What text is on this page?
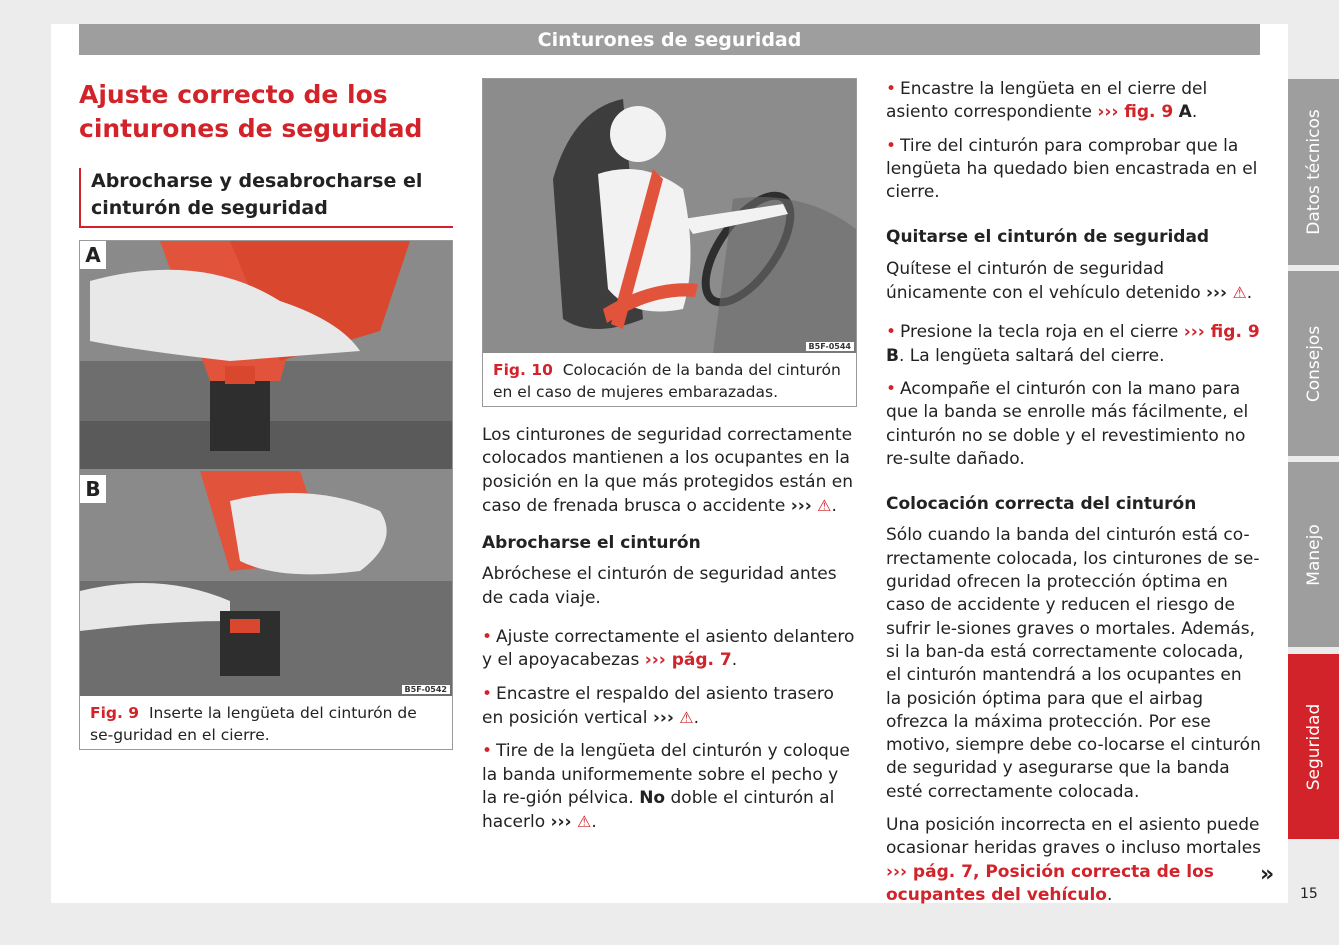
Cinturones de seguridad
Ajuste correcto de los cinturones de seguridad
Abrocharse y desabrocharse el cinturón de seguridad
A
B
B5F-0542
Fig. 9 Inserte la lengüeta del cinturón de se-guridad en el cierre.
B5F-0544
Fig. 10 Colocación de la banda del cinturón en el caso de mujeres embarazadas.

Los cinturones de seguridad correctamente colocados mantienen a los ocupantes en la posición en la que más protegidos están en caso de frenada brusca o accidente ››› ⚠.

Abrocharse el cinturón

Abróchese el cinturón de seguridad antes de cada viaje.

• Ajuste correctamente el asiento delantero y el apoyacabezas ››› pág. 7.

• Encastre el respaldo del asiento trasero en posición vertical ››› ⚠.

• Tire de la lengüeta del cinturón y coloque la banda uniformemente sobre el pecho y la re-gión pélvica. No doble el cinturón al hacerlo ››› ⚠.

• Encastre la lengüeta en el cierre del asiento correspondiente ››› fig. 9 A.

• Tire del cinturón para comprobar que la lengüeta ha quedado bien encastrada en el cierre.

Quitarse el cinturón de seguridad

Quítese el cinturón de seguridad únicamente con el vehículo detenido ››› ⚠.

• Presione la tecla roja en el cierre ››› fig. 9 B. La lengüeta saltará del cierre.

• Acompañe el cinturón con la mano para que la banda se enrolle más fácilmente, el cinturón no se doble y el revestimiento no re-sulte dañado.

Colocación correcta del cinturón

Sólo cuando la banda del cinturón está co-rrectamente colocada, los cinturones de se-guridad ofrecen la protección óptima en caso de accidente y reducen el riesgo de sufrir le-siones graves o mortales. Además, si la ban-da está correctamente colocada, el cinturón mantendrá a los ocupantes en la posición óptima para que el airbag ofrezca la máxima protección. Por ese motivo, siempre debe co-locarse el cinturón de seguridad y asegurarse que la banda esté correctamente colocada.

Una posición incorrecta en el asiento puede ocasionar heridas graves o incluso mortales ››› pág. 7, Posición correcta de los ocupantes del vehículo.

»
Datos técnicos
Consejos
Manejo
Seguridad
15
